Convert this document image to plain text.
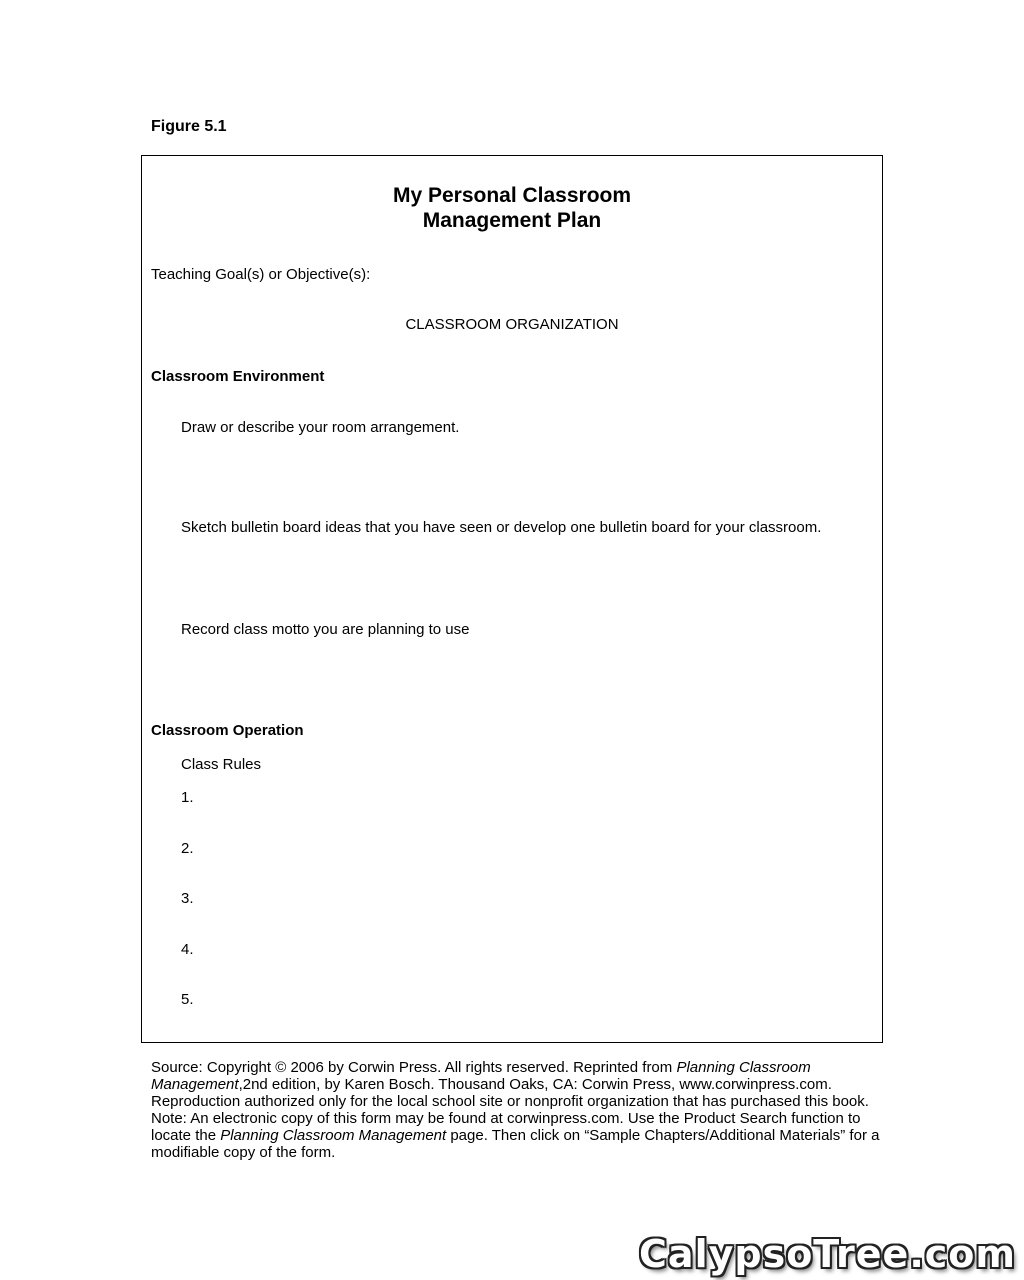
Figure 5.1
My Personal Classroom
Management Plan
Teaching Goal(s) or Objective(s):
CLASSROOM ORGANIZATION
Classroom Environment
Draw or describe your room arrangement.
Sketch bulletin board ideas that you have seen or develop one bulletin board for your classroom.
Record class motto you are planning to use
Classroom Operation
Class Rules
1.
2.
3.
4.
5.
Source: Copyright © 2006 by Corwin Press. All rights reserved. Reprinted from Planning Classroom Management,2nd edition, by Karen Bosch. Thousand Oaks, CA: Corwin Press, www.corwinpress.com. Reproduction authorized only for the local school site or nonprofit organization that has purchased this book. Note: An electronic copy of this form may be found at corwinpress.com. Use the Product Search function to locate the Planning Classroom Management page. Then click on “Sample Chapters/Additional Materials” for a modifiable copy of the form.
CalypsoTree.com
